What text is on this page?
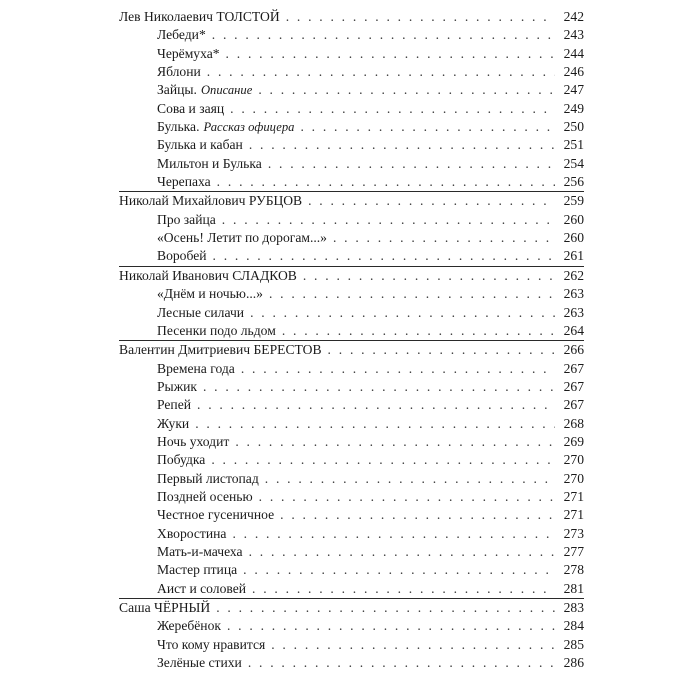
Лев Николаевич ТОЛСТОЙ . . .	242
Лебеди* . . .	243
Черёмуха* . . .	244
Яблони . . .	246
Зайцы. Описание . . .	247
Сова и заяц . . .	249
Булька. Рассказ офицера . . .	250
Булька и кабан . . .	251
Мильтон и Булька . . .	254
Черепаха . . .	256
Николай Михайлович РУБЦОВ . . .	259
Про зайца . . .	260
«Осень! Летит по дорогам...» . . .	260
Воробей . . .	261
Николай Иванович СЛАДКОВ . . .	262
«Днём и ночью...» . . .	263
Лесные силачи . . .	263
Песенки подо льдом . . .	264
Валентин Дмитриевич БЕРЕСТОВ . . .	266
Времена года . . .	267
Рыжик . . .	267
Репей . . .	267
Жуки . . .	268
Ночь уходит . . .	269
Побудка . . .	270
Первый листопад . . .	270
Поздней осенью . . .	271
Честное гусеничное . . .	271
Хворостина . . .	273
Мать-и-мачеха . . .	277
Мастер птица . . .	278
Аист и соловей . . .	281
Саша ЧЁРНЫЙ . . .	283
Жеребёнок . . .	284
Что кому нравится . . .	285
Зелёные стихи . . .	286
